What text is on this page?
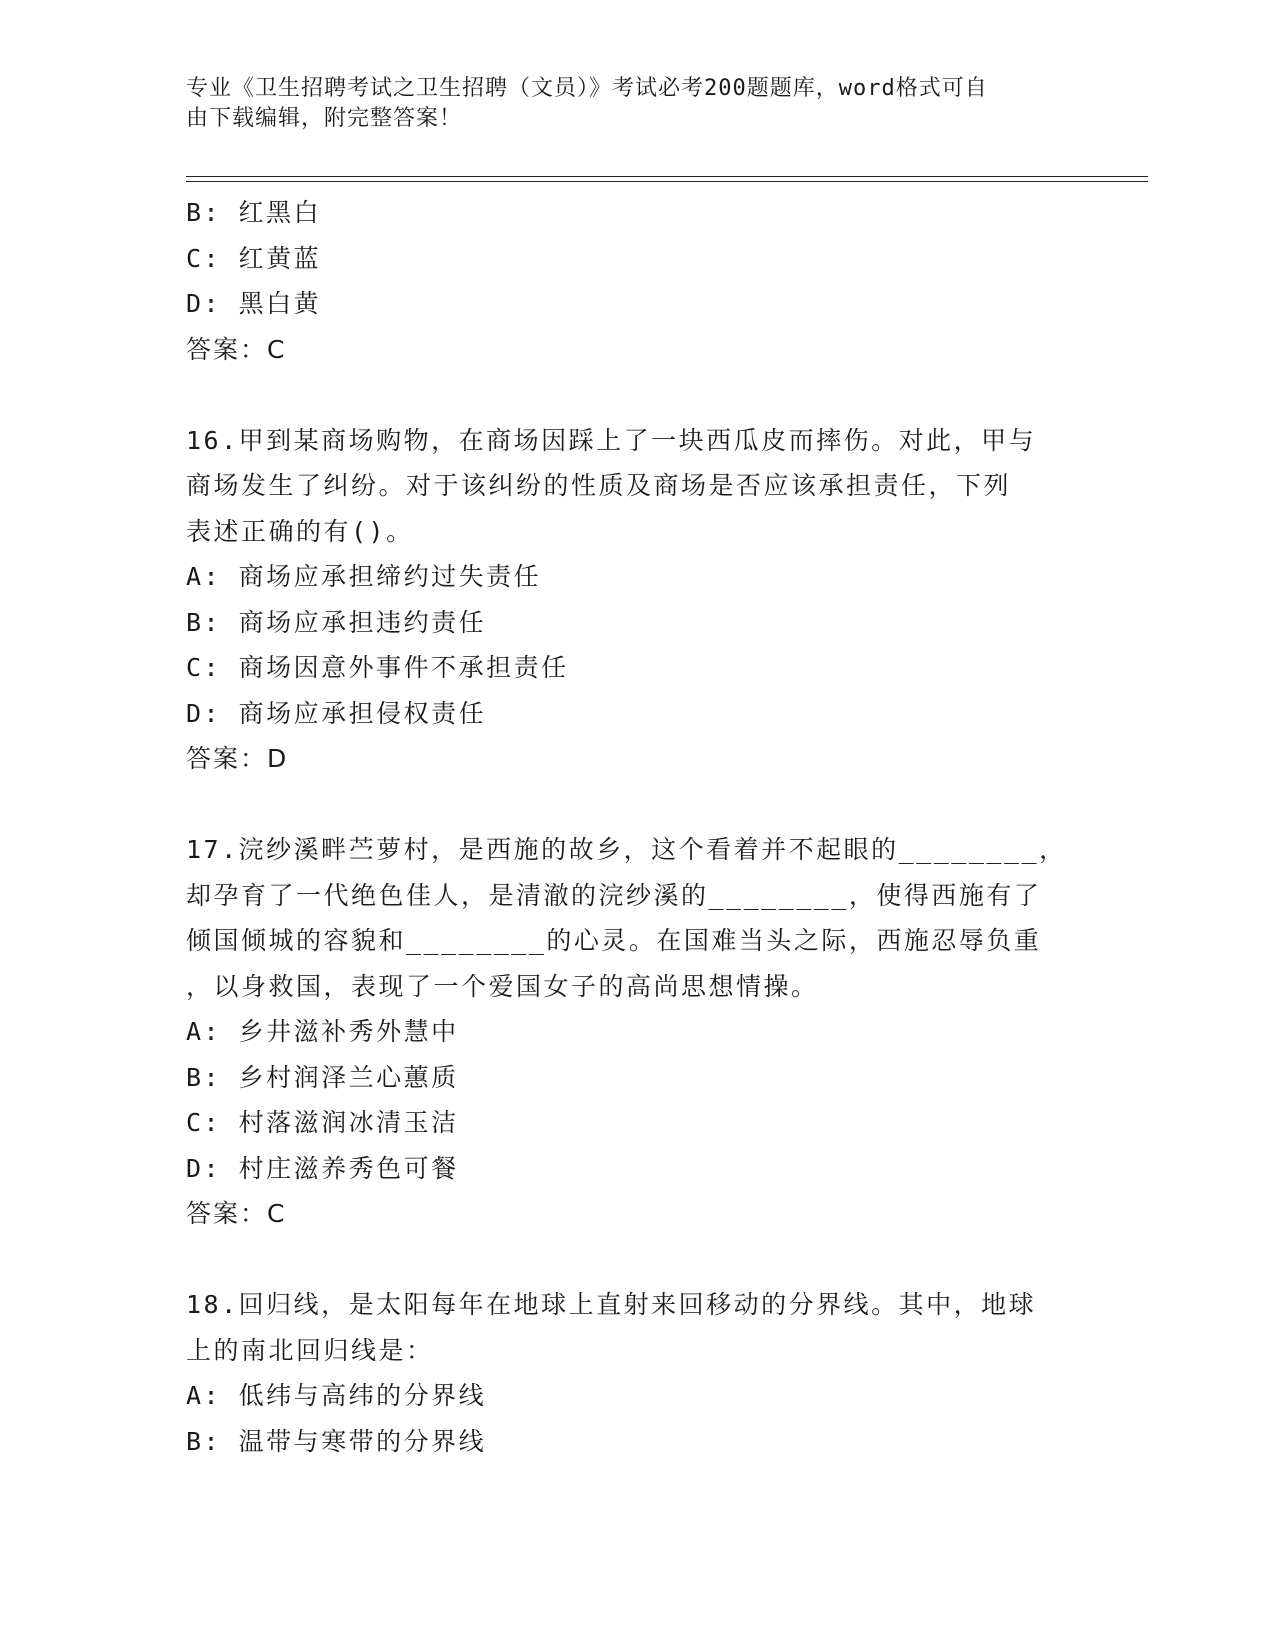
专业《卫生招聘考试之卫生招聘（文员）》考试必考200题题库，word格式可自
由下载编辑，附完整答案！
B: 红黑白
C: 红黄蓝
D: 黑白黄
答案：C
16.甲到某商场购物，在商场因踩上了一块西瓜皮而摔伤。对此，甲与
商场发生了纠纷。对于该纠纷的性质及商场是否应该承担责任，下列
表述正确的有()。
A: 商场应承担缔约过失责任
B: 商场应承担违约责任
C: 商场因意外事件不承担责任
D: 商场应承担侵权责任
答案：D
17.浣纱溪畔苎萝村，是西施的故乡，这个看着并不起眼的________，
却孕育了一代绝色佳人，是清澈的浣纱溪的________，使得西施有了
倾国倾城的容貌和________的心灵。在国难当头之际，西施忍辱负重
，以身救国，表现了一个爱国女子的高尚思想情操。
A: 乡井滋补秀外慧中
B: 乡村润泽兰心蕙质
C: 村落滋润冰清玉洁
D: 村庄滋养秀色可餐
答案：C
18.回归线，是太阳每年在地球上直射来回移动的分界线。其中，地球
上的南北回归线是：
A: 低纬与高纬的分界线
B: 温带与寒带的分界线
